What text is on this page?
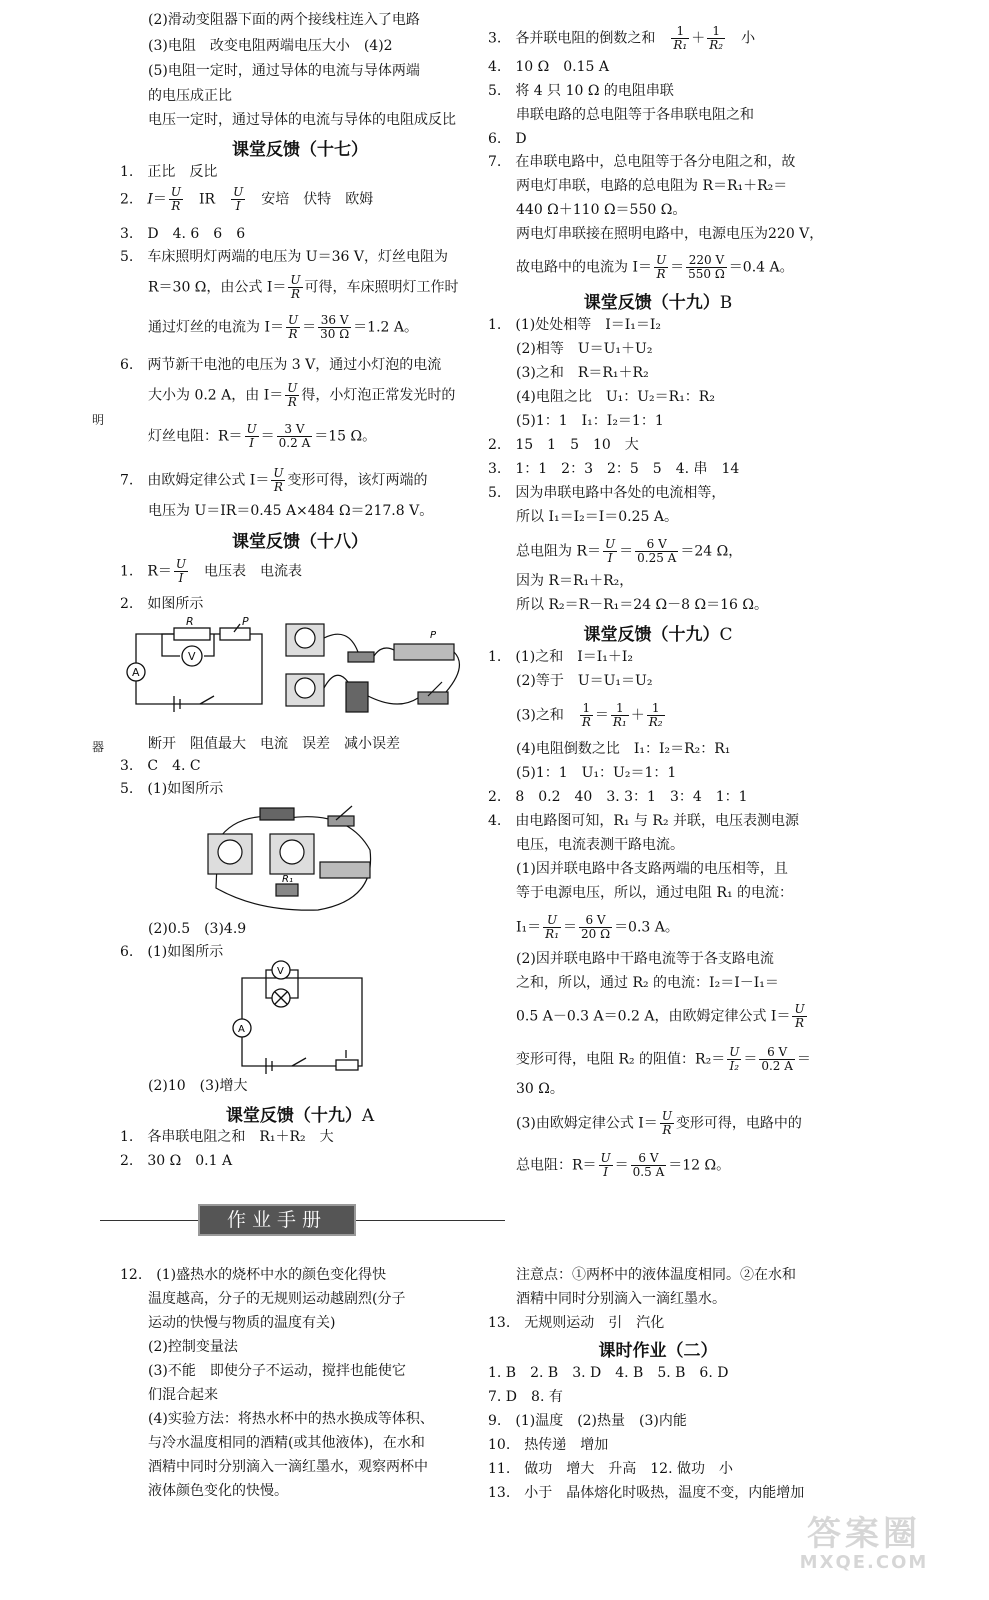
明
器
(2)滑动变阻器下面的两个接线柱连入了电路
(3)电阻　改变电阻两端电压大小　(4)2
(5)电阻一定时，通过导体的电流与导体两端
的电压成正比
电压一定时，通过导体的电流与导体的电阻成反比
课堂反馈（十七）
1.　正比　反比
2.　$I= \frac{U}{R}$ 　IR　 $\frac{U}{I}$ 　安培　伏特　欧姆
3.　D　4. 6　6　6
5.　车床照明灯两端的电压为 U＝36 V，灯丝电阻为
R＝30 Ω，由公式 $I= \frac{U}{R}$ 可得，车床照明灯工作时
通过灯丝的电流为 $I= \frac{U}{R} = \frac{36 V}{30 \Omega} =1.2$ A。
6.　两节新干电池的电压为 3 V，通过小灯泡的电流
大小为 0.2 A，由 $I= \frac{U}{R}$ 得，小灯泡正常发光时的
灯丝电阻：$R= \frac{U}{I} = \frac{3 V}{0.2 A} =15$ Ω。
7.　由欧姆定律公式 $I= \frac{U}{R}$ 变形可得，该灯两端的
电压为 U＝IR＝0.45 A×484 Ω＝217.8 V。
课堂反馈（十八）
1.　$R= \frac{U}{I}$ 　电压表　电流表
2.　如图所示
断开　阻值最大　电流　误差　减小误差
3.　C　4. C
5.　(1)如图所示
(2)0.5　(3)4.9
6.　(1)如图所示
(2)10　(3)增大
课堂反馈（十九）A
1.　各串联电阻之和　R₁＋R₂　大
2.　30 Ω　0.1 A
R	P
V
A
P
R₁
V
A
3.　各并联电阻的倒数之和　 $\frac{1}{\text{R₁}} + \frac{1}{\text{R₂}}$
　 小
4.　10 Ω　0.15 A
5.　将 4 只 10 Ω 的电阻串联
串联电路的总电阻等于各串联电阻之和
6.　D
7.　在串联电路中，总电阻等于各分电阻之和，故
两电灯串联，电路的总电阻为 R＝R₁＋R₂＝
440 Ω＋110 Ω＝550 Ω。
两电灯串联接在照明电路中，电源电压为220 V，
故电路中的电流为 $I= \frac{U}{R} = \frac{220 V}{550 \Omega} =0.4$ A。
课堂反馈（十九）B
1.　(1)处处相等　I＝I₁＝I₂
(2)相等　U＝U₁＋U₂
(3)之和　R＝R₁＋R₂
(4)电阻之比　U₁：U₂＝R₁：R₂
(5)1：1　I₁：I₂＝1：1
2.　15　1　5　10　大
3.　1：1　2：3　2：5　5　4. 串　14
5.　因为串联电路中各处的电流相等，
所以 I₁＝I₂＝I＝0.25 A。
总电阻为 $R= \frac{U}{I} = \frac{6 V}{0.25 A} =24$ Ω，
因为 R＝R₁＋R₂，
所以 R₂＝R－R₁＝24 Ω－8 Ω＝16 Ω。
课堂反馈（十九）C
1.　(1)之和　I＝I₁＋I₂
(2)等于　U＝U₁＝U₂
(3)之和　 $\frac{1}{R} = \frac{1}{\text{R₁}} + \frac{1}{\text{R₂}}$
(4)电阻倒数之比　I₁：I₂＝R₂：R₁
(5)1：1　U₁：U₂＝1：1
2.　8　0.2　40　3. 3：1　3：4　1：1
4.　由电路图可知，R₁ 与 R₂ 并联，电压表测电源
电压，电流表测干路电流。
(1)因并联电路中各支路两端的电压相等，且
等于电源电压，所以，通过电阻 R₁ 的电流：
$I_1= \frac{U}{\text{R₁}} = \frac{6 V}{20 \Omega} =0.3$ A。
(2)因并联电路中干路电流等于各支路电流
之和，所以，通过 R₂ 的电流：I₂＝I－I₁＝
0.5 A－0.3 A＝0.2 A，由欧姆定律公式 $I= \frac{U}{R}$
变形可得，电阻 R₂ 的阻值：$R_2= \frac{U}{\text{I₂}} = \frac{6 V}{0.2 A}$ ＝
30 Ω。
(3)由欧姆定律公式 $I= \frac{U}{R}$ 变形可得，电路中的
总电阻：$R= \frac{U}{I} = \frac{6 V}{0.5 A} =12$ Ω。
作业手册
12.　(1)盛热水的烧杯中水的颜色变化得快
温度越高，分子的无规则运动越剧烈(分子
运动的快慢与物质的温度有关)
(2)控制变量法
(3)不能　即使分子不运动，搅拌也能使它
们混合起来
(4)实验方法：将热水杯中的热水换成等体积、
与冷水温度相同的酒精(或其他液体)，在水和
酒精中同时分别滴入一滴红墨水，观察两杯中
液体颜色变化的快慢。
注意点：①两杯中的液体温度相同。②在水和
酒精中同时分别滴入一滴红墨水。
13.　无规则运动　引　汽化
课时作业（二）
1. B　2. B　3. D　4. B　5. B　6. D
7. D　8. 有
9.　(1)温度　(2)热量　(3)内能
10.　热传递　增加
11.　做功　增大　升高　12. 做功　小
13.　小于　晶体熔化时吸热，温度不变，内能增加
答案圈
MXQE.COM
